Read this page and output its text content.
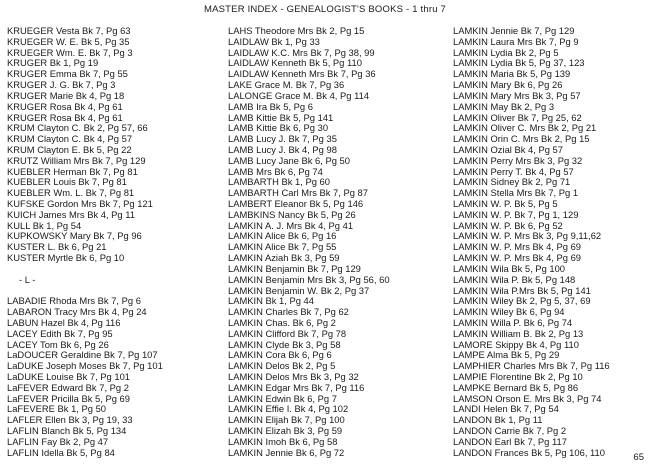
MASTER INDEX - GENEALOGIST'S BOOKS - 1 thru 7
KRUEGER Vesta Bk 7, Pg 63
KRUEGER W. E. Bk 5, Pg 35
KRUEGER Wm. E. Bk 7, Pg 3
KRUGER Bk 1, Pg 19
KRUGER Emma Bk 7, Pg 55
KRUGER J. G. Bk 7, Pg 3
KRUGER Marie Bk 4, Pg 18
KRUGER Rosa Bk 4, Pg 61
KRUGER Rosa Bk 4, Pg 61
KRUM Clayton C. Bk 2, Pg 57, 66
KRUM Clayton C. Bk 4, Pg 57
KRUM Clayton E. Bk 5, Pg 22
KRUTZ William Mrs Bk 7, Pg 129
KUEBLER Herman Bk 7, Pg 81
KUEBLER Louis Bk 7, Pg 81
KUEBLER Wm. L. Bk 7, Pg 81
KUFSKE Gordon Mrs Bk 7, Pg 121
KUICH James Mrs Bk 4, Pg 11
KULL Bk 1, Pg 54
KUPKOWSKY Mary Bk 7, Pg 96
KUSTER L. Bk 6, Pg 21
KUSTER Myrtle Bk 6, Pg 10
- L -
LABADIE Rhoda Mrs Bk 7, Pg 6
LABARON Tracy Mrs Bk 4, Pg 24
LABUN Hazel Bk 4, Pg 116
LACEY Edith Bk 7, Pg 95
LACEY Tom Bk 6, Pg 26
LaDOUCER Geraldine Bk 7, Pg 107
LaDUKE Joseph Moses Bk 7, Pg 101
LaDUKE Louise Bk 7, Pg 101
LaFEVER Edward Bk 7, Pg 2
LaFEVER Pricilla Bk 5, Pg 69
LaFEVERE Bk 1, Pg 50
LAFLER Ellen Bk 3, Pg 19, 33
LAFLIN Blanch Bk 5, Pg 134
LAFLIN Fay Bk 2, Pg 47
LAFLIN Idella Bk 5, Pg 84
LAHS Theodore Mrs Bk 2, Pg 15
LAIDLAW Bk 1, Pg 33
LAIDLAW K.C. Mrs Bk 7, Pg 38, 99
LAIDLAW Kenneth Bk 5, Pg 110
LAIDLAW Kenneth Mrs Bk 7, Pg 36
LAKE Grace M. Bk 7, Pg 36
LALONGE Grace M. Bk 4, Pg 114
LAMB Ira Bk 5, Pg 6
LAMB Kittie Bk 5, Pg 141
LAMB Kittie Bk 6, Pg 30
LAMB Lucy J. Bk 7, Pg 35
LAMB Lucy J. Bk 4, Pg 98
LAMB Lucy Jane Bk 6, Pg 50
LAMB Mrs Bk 6, Pg 74
LAMBARTH Bk 1, Pg 60
LAMBARTH Carl Mrs Bk 7, Pg 87
LAMBERT Eleanor Bk 5, Pg 146
LAMBKINS Nancy Bk 5, Pg 26
LAMKIN A. J. Mrs Bk 4, Pg 41
LAMKIN Alice Bk 6, Pg 16
LAMKIN Alice Bk 7, Pg 55
LAMKIN Aziah Bk 3, Pg 59
LAMKIN Benjamin Bk 7, Pg 129
LAMKIN Benjamin Mrs Bk 3, Pg 56, 60
LAMKIN Benjamin W. Bk 2, Pg 37
LAMKIN Bk 1, Pg 44
LAMKIN Charles Bk 7, Pg 62
LAMKIN Chas. Bk 6, Pg 2
LAMKIN Clifford Bk 7, Pg 78
LAMKIN Clyde Bk 3, Pg 58
LAMKIN Cora Bk 6, Pg 6
LAMKIN Delos Bk 2, Pg 5
LAMKIN Delos Mrs Bk 3, Pg 32
LAMKIN Edgar Mrs Bk 7, Pg 116
LAMKIN Edwin Bk 6, Pg 7
LAMKIN Effie I. Bk 4, Pg 102
LAMKIN Elijah Bk 7, Pg 100
LAMKIN Elizah Bk 3, Pg 59
LAMKIN Imoh Bk 6, Pg 58
LAMKIN Jennie Bk 6, Pg 72
LAMKIN Jennie Bk 7, Pg 129
LAMKIN Laura Mrs Bk 7, Pg 9
LAMKIN Lydia Bk 2, Pg 5
LAMKIN Lydia Bk 5, Pg 37, 123
LAMKIN Maria Bk 5, Pg 139
LAMKIN Mary Bk 6, Pg 26
LAMKIN Mary Mrs Bk 3, Pg 57
LAMKIN May Bk 2, Pg 3
LAMKIN Oliver Bk 7, Pg 25, 62
LAMKIN Oliver C. Mrs Bk 2, Pg 21
LAMKIN Orin C. Mrs Bk 2, Pg 15
LAMKIN Ozial Bk 4, Pg 57
LAMKIN Perry Mrs Bk 3, Pg 32
LAMKIN Perry T. Bk 4, Pg 57
LAMKIN Sidney Bk 2, Pg 71
LAMKIN Stella Mrs Bk 7, Pg 1
LAMKIN W. P. Bk 5, Pg 5
LAMKIN W. P. Bk 7, Pg 1, 129
LAMKIN W. P. Bk 6, Pg 52
LAMKIN W. P. Mrs Bk 3, Pg 9,11,62
LAMKIN W. P. Mrs Bk 4, Pg 69
LAMKIN W. P. Mrs Bk 4, Pg 69
LAMKIN Wila Bk 5, Pg 100
LAMKIN Wila P. Bk 5, Pg 148
LAMKIN Wila P.Mrs Bk 5, Pg 141
LAMKIN Wiley Bk 2, Pg 5, 37, 69
LAMKIN Wiley Bk 6, Pg 94
LAMKIN Willa P. Bk 6, Pg 74
LAMKIN William B. Bk 2, Pg 13
LAMORE Skippy Bk 4, Pg 110
LAMPE Alma Bk 5, Pg 29
LAMPHIER Charles Mrs Bk 7, Pg 116
LAMPIE Florentine Bk 2, Pg 10
LAMPKE Bernard Bk 5, Pg 86
LAMSON Orson E. Mrs Bk 3, Pg 74
LANDI Helen Bk 7, Pg 54
LANDON Bk 1, Pg 11
LANDON Carrie Bk 7, Pg 2
LANDON Earl Bk 7, Pg 117
LANDON Frances Bk 5, Pg 106, 110	65
